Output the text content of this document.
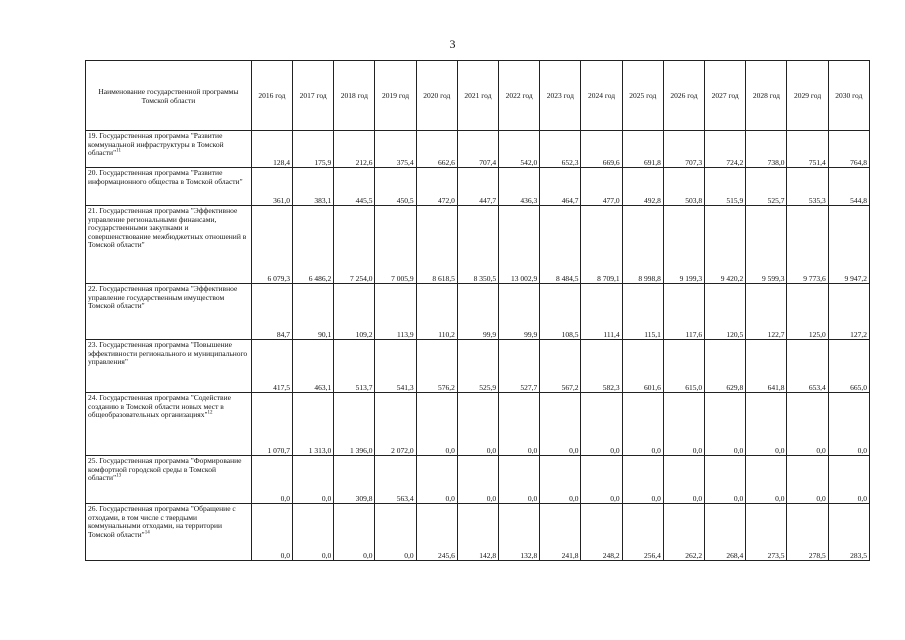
3
Наименование государственной программы Томской области	2016 год	2017 год	2018 год	2019 год	2020 год	2021 год	2022 год	2023 год	2024 год	2025 год	2026 год	2027 год	2028 год	2029 год	2030 год
19. Государственная программа "Развитие коммунальной инфраструктуры в Томской области"$^{11}$	128,4	175,9	212,6	375,4	662,6	707,4	542,0	652,3	669,6	691,8	707,3	724,2	738,0	751,4	764,8
20. Государственная программа "Развитие информационного общества в Томской области"	361,0	383,1	445,5	450,5	472,0	447,7	436,3	464,7	477,0	492,8	503,8	515,9	525,7	535,3	544,8
21. Государственная программа "Эффективное управление региональными финансами, государственными закупками и совершенствование межбюджетных отношений в Томской области"	6 079,3	6 486,2	7 254,0	7 005,9	8 618,5	8 350,5	13 002,9	8 484,5	8 709,1	8 998,8	9 199,3	9 420,2	9 599,3	9 773,6	9 947,2
22. Государственная программа "Эффективное управление государственным имуществом Томской области"	84,7	90,1	109,2	113,9	110,2	99,9	99,9	108,5	111,4	115,1	117,6	120,5	122,7	125,0	127,2
23. Государственная программа "Повышение эффективности регионального и муниципального управления"	417,5	463,1	513,7	541,3	576,2	525,9	527,7	567,2	582,3	601,6	615,0	629,8	641,8	653,4	665,0
24. Государственная программа "Содействие созданию в Томской области новых мест в общеобразовательных организациях"$^{12}$	1 070,7	1 313,0	1 396,0	2 072,0	0,0	0,0	0,0	0,0	0,0	0,0	0,0	0,0	0,0	0,0	0,0
25. Государственная программа "Формирование комфортной городской среды в Томской области"$^{13}$	0,0	0,0	309,8	563,4	0,0	0,0	0,0	0,0	0,0	0,0	0,0	0,0	0,0	0,0	0,0
26. Государственная программа "Обращение с отходами, в том числе с твердыми коммунальными отходами, на территории Томской области"$^{14}$	0,0	0,0	0,0	0,0	245,6	142,8	132,8	241,8	248,2	256,4	262,2	268,4	273,5	278,5	283,5
